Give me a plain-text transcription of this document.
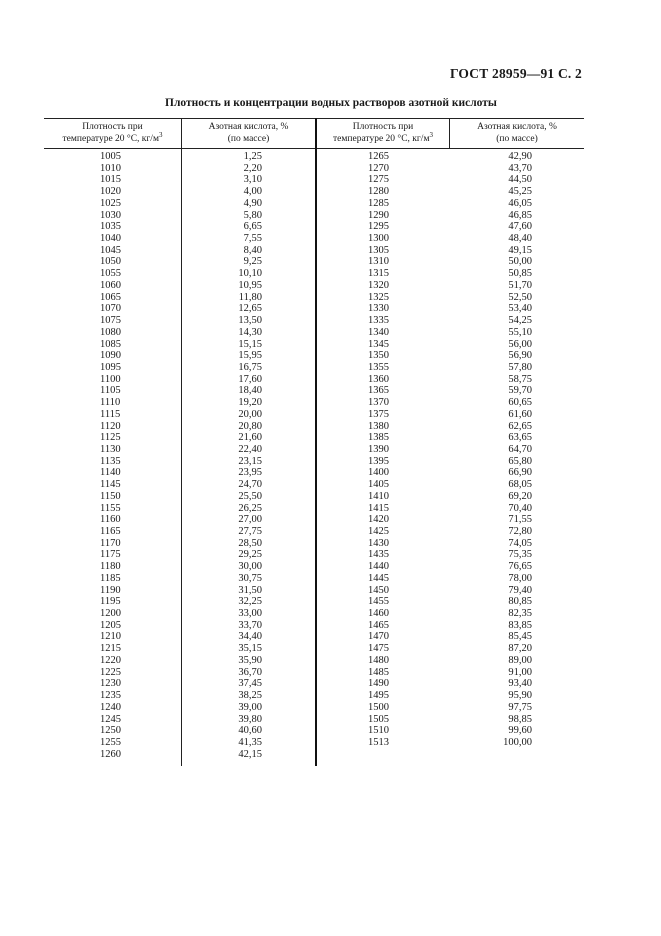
ГОСТ 28959—91 С. 2
Плотность и концентрации водных растворов азотной кислоты
Плотность при
температуре 20 °С, $кг/м^3$
Азотная кислота, %
(по массе)
Плотность при
температуре 20 °С, $кг/м^3$
Азотная кислота, %
(по массе)
1005
1010
1015
1020
1025
1030
1035
1040
1045
1050
1055
1060
1065
1070
1075
1080
1085
1090
1095
1100
1105
1110
1115
1120
1125
1130
1135
1140
1145
1150
1155
1160
1165
1170
1175
1180
1185
1190
1195
1200
1205
1210
1215
1220
1225
1230
1235
1240
1245
1250
1255
1260
1,25
2,20
3,10
4,00
4,90
5,80
6,65
7,55
8,40
9,25
10,10
10,95
11,80
12,65
13,50
14,30
15,15
15,95
16,75
17,60
18,40
19,20
20,00
20,80
21,60
22,40
23,15
23,95
24,70
25,50
26,25
27,00
27,75
28,50
29,25
30,00
30,75
31,50
32,25
33,00
33,70
34,40
35,15
35,90
36,70
37,45
38,25
39,00
39,80
40,60
41,35
42,15
1265
1270
1275
1280
1285
1290
1295
1300
1305
1310
1315
1320
1325
1330
1335
1340
1345
1350
1355
1360
1365
1370
1375
1380
1385
1390
1395
1400
1405
1410
1415
1420
1425
1430
1435
1440
1445
1450
1455
1460
1465
1470
1475
1480
1485
1490
1495
1500
1505
1510
1513
42,90
43,70
44,50
45,25
46,05
46,85
47,60
48,40
49,15
50,00
50,85
51,70
52,50
53,40
54,25
55,10
56,00
56,90
57,80
58,75
59,70
60,65
61,60
62,65
63,65
64,70
65,80
66,90
68,05
69,20
70,40
71,55
72,80
74,05
75,35
76,65
78,00
79,40
80,85
82,35
83,85
85,45
87,20
89,00
91,00
93,40
95,90
97,75
98,85
99,60
100,00
